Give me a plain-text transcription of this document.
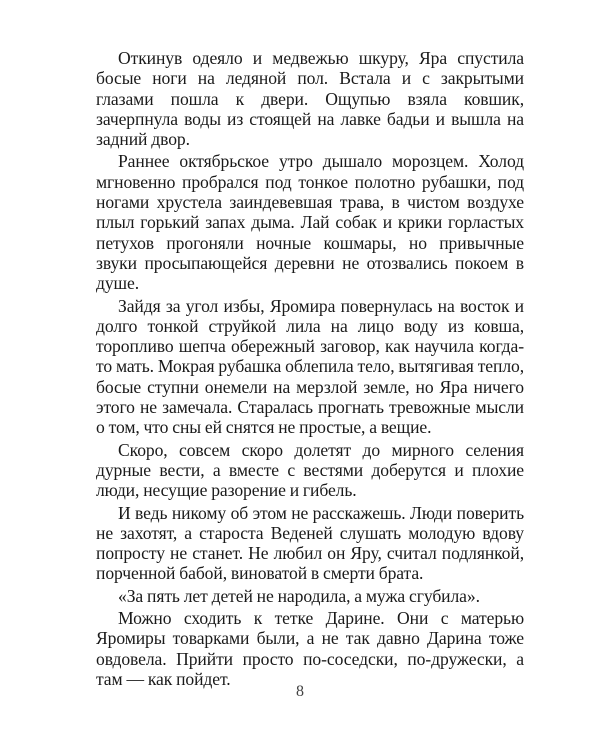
Откинув одеяло и медвежью шкуру, Яра спустила босые ноги на ледяной пол. Встала и с закрытыми глазами пошла к двери. Ощупью взяла ковшик, зачерпнула воды из стоящей на лавке бадьи и вышла на задний двор.

Раннее октябрьское утро дышало морозцем. Холод мгновенно пробрался под тонкое полотно рубашки, под ногами хрустела заиндевевшая трава, в чистом воздухе плыл горький запах дыма. Лай собак и крики горластых петухов прогоняли ночные кошмары, но привычные звуки просыпающейся деревни не отозвались покоем в душе.

Зайдя за угол избы, Яромира повернулась на восток и долго тонкой струйкой лила на лицо воду из ковша, торопливо шепча обережный заговор, как научила когда-то мать. Мокрая рубашка облепила тело, вытягивая тепло, босые ступни онемели на мерзлой земле, но Яра ничего этого не замечала. Старалась прогнать тревожные мысли о том, что сны ей снятся не простые, а вещие.

Скоро, совсем скоро долетят до мирного селения дурные вести, а вместе с вестями доберутся и плохие люди, несущие разорение и гибель.

И ведь никому об этом не расскажешь. Люди поверить не захотят, а староста Веденей слушать молодую вдову попросту не станет. Не любил он Яру, считал подлянкой, порченной бабой, виноватой в смерти брата.

«За пять лет детей не народила, а мужа сгубила».

Можно сходить к тетке Дарине. Они с матерью Яромиры товарками были, а не так давно Дарина тоже овдовела. Прийти просто по-соседски, по-дружески, а там — как пойдет.

8
